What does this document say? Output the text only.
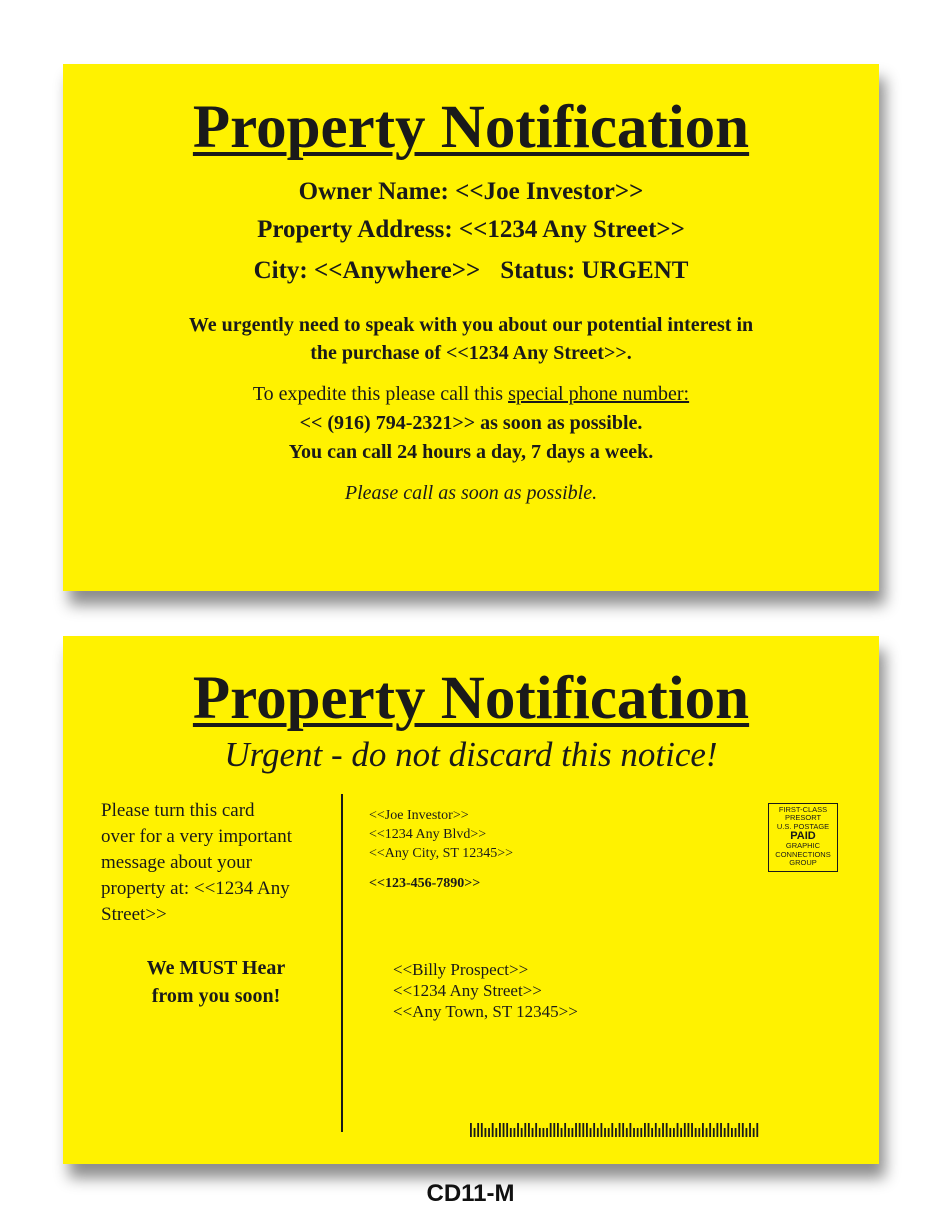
Property Notification

Owner Name: <<Joe Investor>>

Property Address: <<1234 Any Street>>

City: <<Anywhere>> Status: URGENT

We urgently need to speak with you about our potential interest in

the purchase of <<1234 Any Street>>.

To expedite this please call this special phone number:

<< (916) 794-2321>> as soon as possible.

You can call 24 hours a day, 7 days a week.

Please call as soon as possible.

Property Notification

Urgent - do not discard this notice!

Please turn this card
over for a very important
message about your
property at: <<1234 Any
Street>>
We MUST Hear
from you soon!
<<Joe Investor>>
<<1234 Any Blvd>>
<<Any City, ST 12345>>
<<123-456-7890>>
FIRST-CLASS
PRESORT
U.S. POSTAGE
PAID
GRAPHIC
CONNECTIONS
GROUP
<<Billy Prospect>>
<<1234 Any Street>>
<<Any Town, ST 12345>>
CD11-M
